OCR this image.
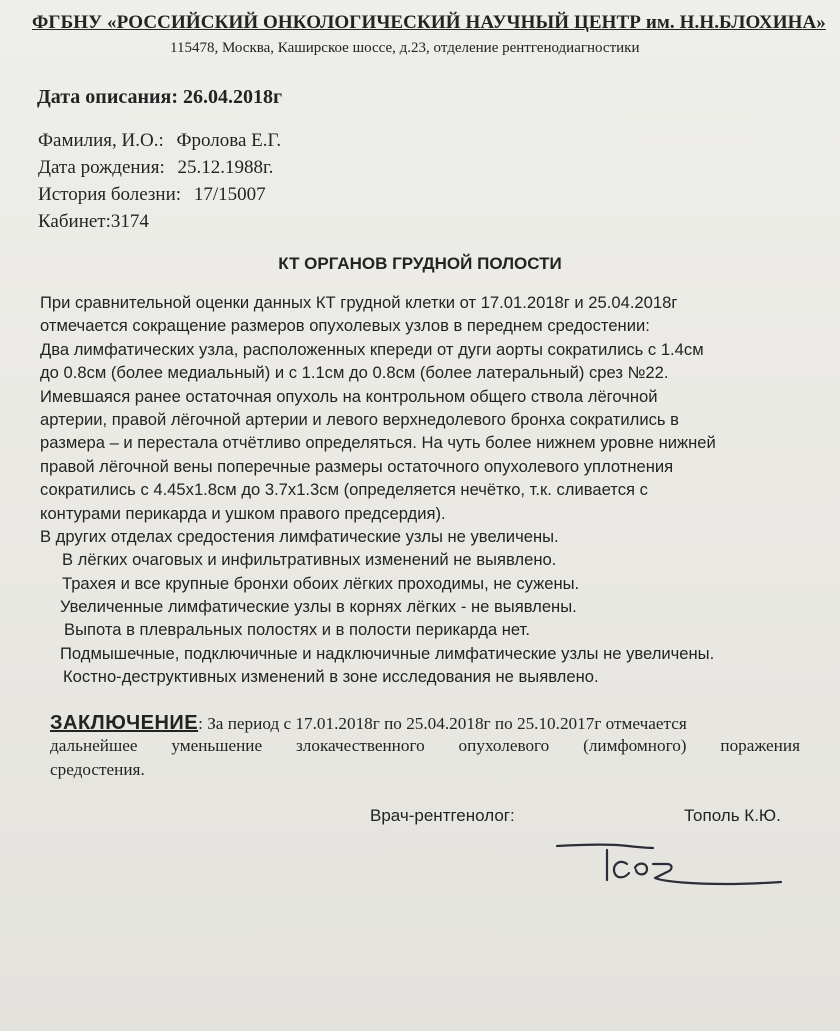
ФГБНУ «РОССИЙСКИЙ ОНКОЛОГИЧЕСКИЙ НАУЧНЫЙ ЦЕНТР им. Н.Н.БЛОХИНА»
115478, Москва, Каширское шоссе, д.23, отделение рентгенодиагностики
Дата описания: 26.04.2018г
Фамилия, И.О.: Фролова Е.Г.
Дата рождения: 25.12.1988г.
История болезни: 17/15007
Кабинет:3174
КТ ОРГАНОВ ГРУДНОЙ ПОЛОСТИ
При сравнительной оценки данных КТ грудной клетки от 17.01.2018г и 25.04.2018г
отмечается сокращение размеров опухолевых узлов в переднем средостении:
Два лимфатических узла, расположенных кпереди от дуги аорты сократились с 1.4см
до 0.8см (более медиальный) и с 1.1см до 0.8см (более латеральный) срез №22.
Имевшаяся ранее остаточная опухоль на контрольном общего ствола лёгочной
артерии, правой лёгочной артерии и левого верхнедолевого бронха сократились в
размера – и перестала отчётливо определяться. На чуть более нижнем уровне нижней
правой лёгочной вены поперечные размеры остаточного опухолевого уплотнения
сократились с 4.45х1.8см до 3.7х1.3см (определяется нечётко, т.к. сливается с
контурами перикарда и ушком правого предсердия).
В других отделах средостения лимфатические узлы не увеличены.
В лёгких очаговых и инфильтративных изменений не выявлено.
Трахея и все крупные бронхи обоих лёгких проходимы, не сужены.
Увеличенные лимфатические узлы в корнях лёгких - не выявлены.
Выпота в плевральных полостях и в полости перикарда нет.
Подмышечные, подключичные и надключичные лимфатические узлы не увеличены.
Костно-деструктивных изменений в зоне исследования не выявлено.
ЗАКЛЮЧЕНИЕ: За период с 17.01.2018г по 25.04.2018г по 25.10.2017г отмечается
дальнейшее уменьшение злокачественного опухолевого (лимфомного) поражения
средостения.
Врач-рентгенолог:	Тополь К.Ю.
